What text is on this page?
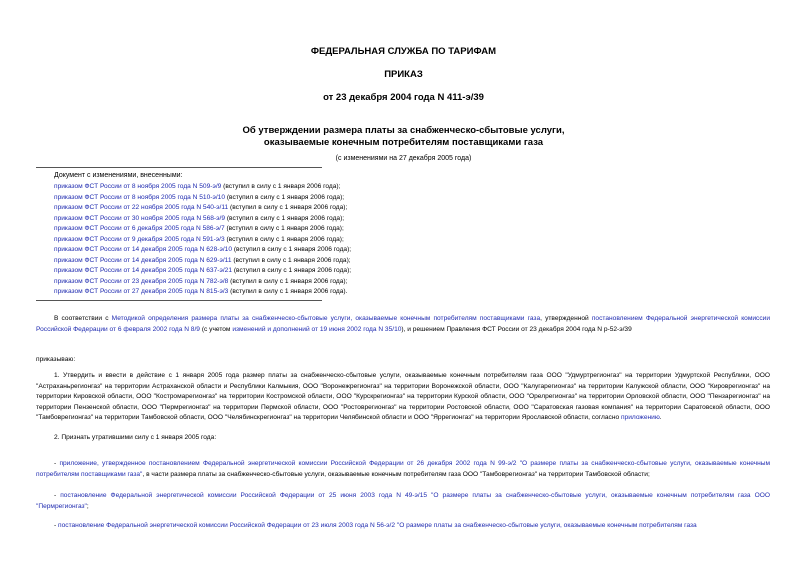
ФЕДЕРАЛЬНАЯ СЛУЖБА ПО ТАРИФАМ
ПРИКАЗ
от 23 декабря 2004 года N 411-э/39
Об утверждении размера платы за снабженческо-сбытовые услуги,
оказываемые конечным потребителям поставщиками газа
(с изменениями на 27 декабря 2005 года)
Документ с изменениями, внесенными:
приказом ФСТ России от 8 ноября 2005 года N 509-э/9 (вступил в силу с 1 января 2006 года);
приказом ФСТ России от 8 ноября 2005 года N 510-э/10 (вступил в силу с 1 января 2006 года);
приказом ФСТ России от 22 ноября 2005 года N 540-э/11 (вступил в силу с 1 января 2006 года);
приказом ФСТ России от 30 ноября 2005 года N 568-э/9 (вступил в силу с 1 января 2006 года);
приказом ФСТ России от 6 декабря 2005 года N 586-э/7 (вступил в силу с 1 января 2006 года);
приказом ФСТ России от 9 декабря 2005 года N 591-э/3 (вступил в силу с 1 января 2006 года);
приказом ФСТ России от 14 декабря 2005 года N 628-э/10 (вступил в силу с 1 января 2006 года);
приказом ФСТ России от 14 декабря 2005 года N 629-э/11 (вступил в силу с 1 января 2006 года);
приказом ФСТ России от 14 декабря 2005 года N 637-э/21 (вступил в силу с 1 января 2006 года);
приказом ФСТ России от 23 декабря 2005 года N 782-э/8 (вступил в силу с 1 января 2006 года);
приказом ФСТ России от 27 декабря 2005 года N 815-э/3 (вступил в силу с 1 января 2006 года).
В соответствии с Методикой определения размера платы за снабженческо-сбытовые услуги, оказываемые конечным потребителям поставщиками газа, утвержденной постановлением Федеральной энергетической комиссии Российской Федерации от 6 февраля 2002 года N 8/9 (с учетом изменений и дополнений от 19 июня 2002 года N 35/10), и решением Правления ФСТ России от 23 декабря 2004 года N р-52-э/39
приказываю:
1. Утвердить и ввести в действие с 1 января 2005 года размер платы за снабженческо-сбытовые услуги, оказываемые конечным потребителям газа ООО "Удмуртрегионгаз" на территории Удмуртской Республики, ООО "Астраханьрегионгаз" на территории Астраханской области и Республики Калмыкия, ООО "Воронежрегионгаз" на территории Воронежской области, ООО "Калугарегионгаз" на территории Калужской области, ООО "Кироврегионгаз" на территории Кировской области, ООО "Костромарегионгаз" на территории Костромской области, ООО "Курскрегионгаз" на территории Курской области, ООО "Орелрегионгаз" на территории Орловской области, ООО "Пензарегионгаз" на территории Пензенской области, ООО "Пермрегионгаз" на территории Пермской области, ООО "Ростоврегионгаз" на территории Ростовской области, ООО "Саратовская газовая компания" на территории Саратовской области, ООО "Тамбоврегионгаз" на территории Тамбовской области, ООО "Челябинскрегионгаз" на территории Челябинской области и ООО "Яррегионгаз" на территории Ярославской области, согласно приложению.
2. Признать утратившими силу с 1 января 2005 года:
- приложение, утвержденное постановлением Федеральной энергетической комиссии Российской Федерации от 26 декабря 2002 года N 99-э/2 "О размере платы за снабженческо-сбытовые услуги, оказываемые конечным потребителям поставщиками газа", в части размера платы за снабженческо-сбытовые услуги, оказываемые конечным потребителям газа ООО "Тамбоврегионгаз" на территории Тамбовской области;
- постановление Федеральной энергетической комиссии Российской Федерации от 25 июня 2003 года N 49-э/15 "О размере платы за снабженческо-сбытовые услуги, оказываемые конечным потребителям газа ООО "Пермрегионгаз";
- постановление Федеральной энергетической комиссии Российской Федерации от 23 июля 2003 года N 56-э/2 "О размере платы за снабженческо-сбытовые услуги, оказываемые конечным потребителям газа
